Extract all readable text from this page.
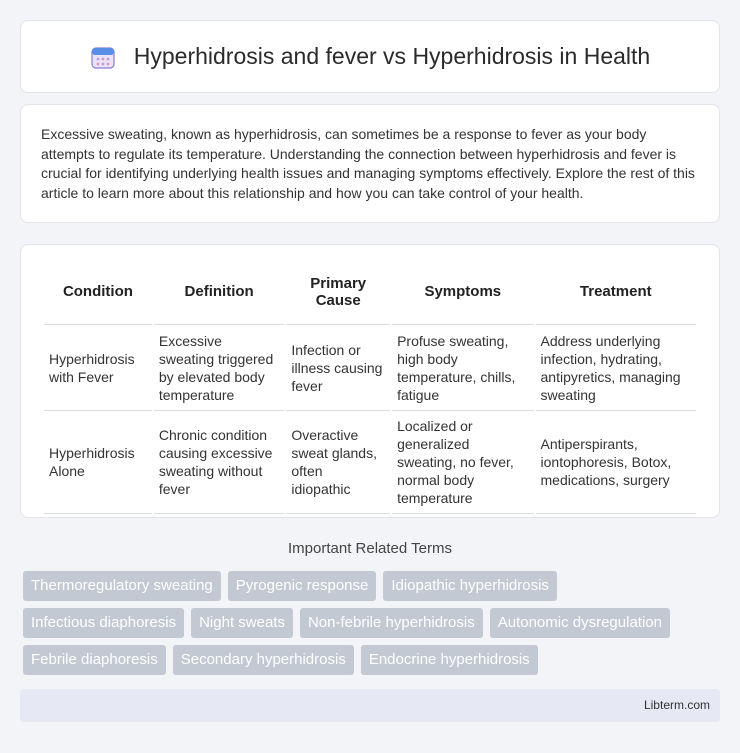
Hyperhidrosis and fever vs Hyperhidrosis in Health

Excessive sweating, known as hyperhidrosis, can sometimes be a response to fever as your body attempts to regulate its temperature. Understanding the connection between hyperhidrosis and fever is crucial for identifying underlying health issues and managing symptoms effectively. Explore the rest of this article to learn more about this relationship and how you can take control of your health.

Condition	Definition	Primary Cause	Symptoms	Treatment
Hyperhidrosis with Fever	Excessive sweating triggered by elevated body temperature	Infection or illness causing fever	Profuse sweating, high body temperature, chills, fatigue	Address underlying infection, hydrating, antipyretics, managing sweating
Hyperhidrosis Alone	Chronic condition causing excessive sweating without fever	Overactive sweat glands, often idiopathic	Localized or generalized sweating, no fever, normal body temperature	Antiperspirants, iontophoresis, Botox, medications, surgery
Important Related Terms
Thermoregulatory sweating	Pyrogenic response	Idiopathic hyperhidrosis
Infectious diaphoresis	Night sweats	Non-febrile hyperhidrosis	Autonomic dysregulation
Febrile diaphoresis	Secondary hyperhidrosis	Endocrine hyperhidrosis
Libterm.com
